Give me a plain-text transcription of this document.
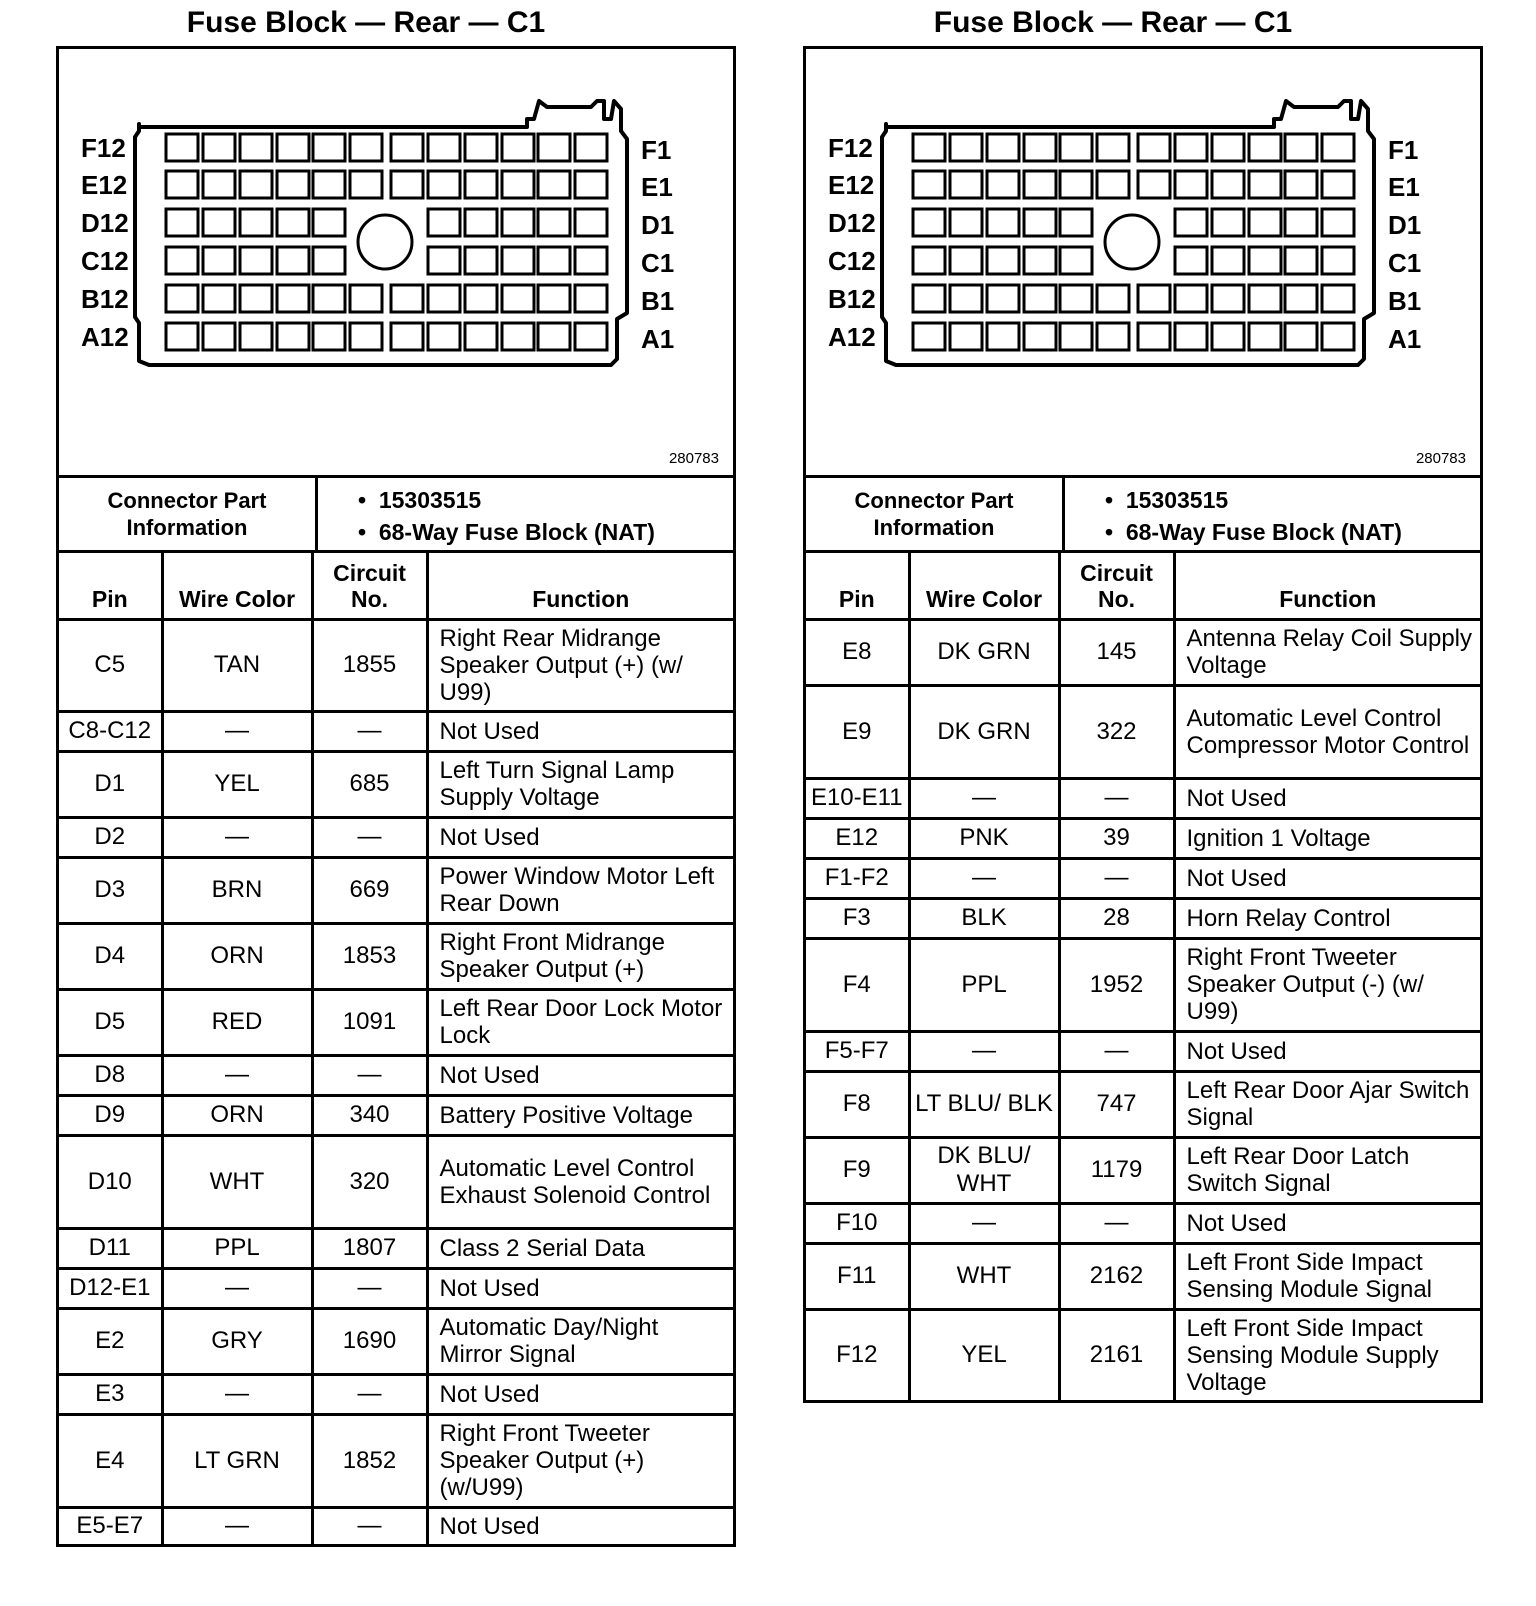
Fuse Block — Rear — C1
F12
E12
D12
C12
B12
A12
F1
E1
D1
C1
B1
A1
280783
Connector Part Information
•  15303515
•  68-Way Fuse Block (NAT)
Pin	Wire Color	Circuit No.	Function
C5	TAN	1855	Right Rear Midrange Speaker Output (+) (w/ U99)
C8-C12	—	—	Not Used
D1	YEL	685	Left Turn Signal Lamp Supply Voltage
D2	—	—	Not Used
D3	BRN	669	Power Window Motor Left Rear Down
D4	ORN	1853	Right Front Midrange Speaker Output (+)
D5	RED	1091	Left Rear Door Lock Motor Lock
D8	—	—	Not Used
D9	ORN	340	Battery Positive Voltage
D10	WHT	320	Automatic Level Control Exhaust Solenoid Control
D11	PPL	1807	Class 2 Serial Data
D12-E1	—	—	Not Used
E2	GRY	1690	Automatic Day/Night Mirror Signal
E3	—	—	Not Used
E4	LT GRN	1852	Right Front Tweeter Speaker Output (+) (w/U99)
E5-E7	—	—	Not Used
Fuse Block — Rear — C1
F12
E12
D12
C12
B12
A12
F1
E1
D1
C1
B1
A1
280783
Connector Part Information
•  15303515
•  68-Way Fuse Block (NAT)
Pin	Wire Color	Circuit No.	Function
E8	DK GRN	145	Antenna Relay Coil Supply Voltage
E9	DK GRN	322	Automatic Level Control Compressor Motor Control
E10-E11	—	—	Not Used
E12	PNK	39	Ignition 1 Voltage
F1-F2	—	—	Not Used
F3	BLK	28	Horn Relay Control
F4	PPL	1952	Right Front Tweeter Speaker Output (-) (w/ U99)
F5-F7	—	—	Not Used
F8	LT BLU/ BLK	747	Left Rear Door Ajar Switch Signal
F9	DK BLU/ WHT	1179	Left Rear Door Latch Switch Signal
F10	—	—	Not Used
F11	WHT	2162	Left Front Side Impact Sensing Module Signal
F12	YEL	2161	Left Front Side Impact Sensing Module Supply Voltage
